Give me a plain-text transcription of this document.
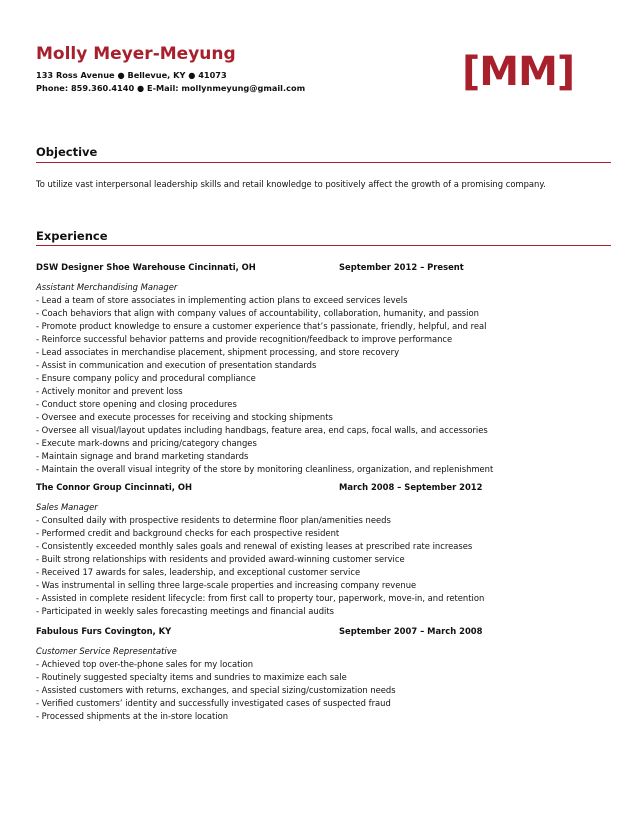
Molly Meyer-Meyung
133 Ross Avenue ● Bellevue, KY ● 41073
Phone: 859.360.4140 ● E-Mail: mollynmeyung@gmail.com	[MM]
Objective
To utilize vast interpersonal leadership skills and retail knowledge to positively affect the growth of a promising company.
Experience
DSW Designer Shoe Warehouse Cincinnati, OH	September 2012 – Present
Assistant Merchandising Manager
- Lead a team of store associates in implementing action plans to exceed services levels
- Coach behaviors that align with company values of accountability, collaboration, humanity, and passion
- Promote product knowledge to ensure a customer experience that’s passionate, friendly, helpful, and real
- Reinforce successful behavior patterns and provide recognition/feedback to improve performance
- Lead associates in merchandise placement, shipment processing, and store recovery
- Assist in communication and execution of presentation standards
- Ensure company policy and procedural compliance
- Actively monitor and prevent loss
- Conduct store opening and closing procedures
- Oversee and execute processes for receiving and stocking shipments
- Oversee all visual/layout updates including handbags, feature area, end caps, focal walls, and accessories
- Execute mark-downs and pricing/category changes
- Maintain signage and brand marketing standards
- Maintain the overall visual integrity of the store by monitoring cleanliness, organization, and replenishment
The Connor Group Cincinnati, OH	March 2008 – September 2012
Sales Manager
- Consulted daily with prospective residents to determine floor plan/amenities needs
- Performed credit and background checks for each prospective resident
- Consistently exceeded monthly sales goals and renewal of existing leases at prescribed rate increases
- Built strong relationships with residents and provided award-winning customer service
- Received 17 awards for sales, leadership, and exceptional customer service
- Was instrumental in selling three large-scale properties and increasing company revenue
- Assisted in complete resident lifecycle: from first call to property tour, paperwork, move-in, and retention
- Participated in weekly sales forecasting meetings and financial audits
Fabulous Furs Covington, KY	September 2007 – March 2008
Customer Service Representative
- Achieved top over-the-phone sales for my location
- Routinely suggested specialty items and sundries to maximize each sale
- Assisted customers with returns, exchanges, and special sizing/customization needs
- Verified customers’ identity and successfully investigated cases of suspected fraud
- Processed shipments at the in-store location
